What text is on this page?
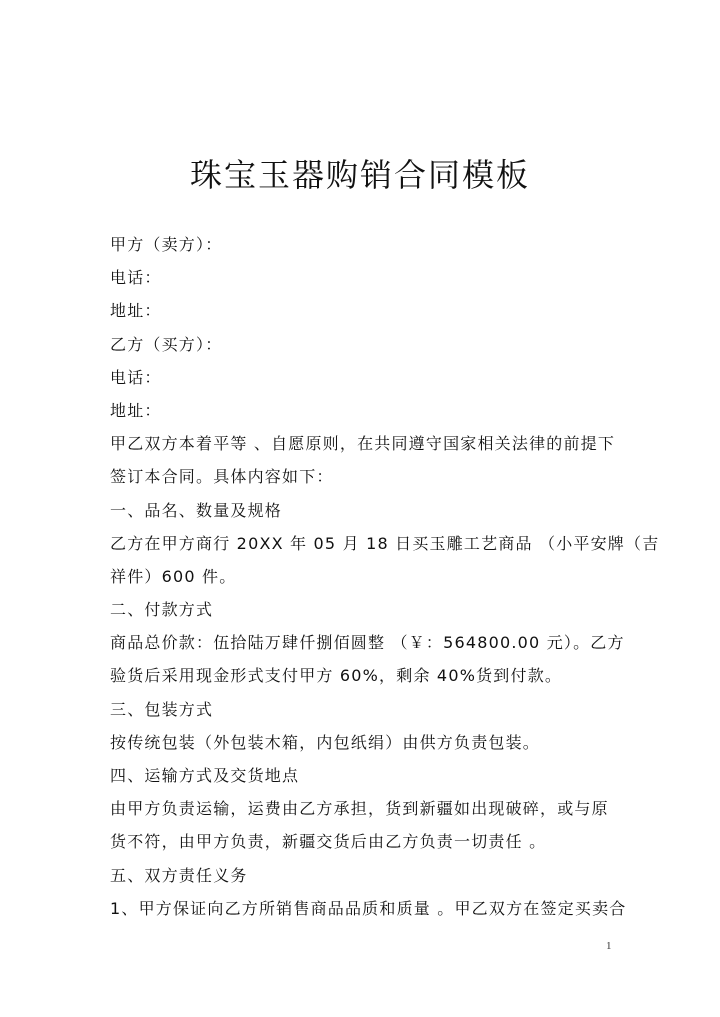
珠宝玉器购销合同模板
甲方（卖方）：
电话：
地址：
乙方（买方）：
电话：
地址：
甲乙双方本着平等 、自愿原则，在共同遵守国家相关法律的前提下
签订本合同。具体内容如下：
一、品名、数量及规格
乙方在甲方商行 20XX 年 05 月 18 日买玉雕工艺商品 （小平安牌（吉
祥件）600 件。
二、付款方式
商品总价款：伍拾陆万肆仟捌佰圆整 （￥：564800.00 元）。乙方
验货后采用现金形式支付甲方 60%，剩余 40%货到付款。
三、包装方式
按传统包装（外包装木箱，内包纸绢）由供方负责包装。
四、运输方式及交货地点
由甲方负责运输，运费由乙方承担，货到新疆如出现破碎，或与原
货不符，由甲方负责，新疆交货后由乙方负责一切责任 。
五、双方责任义务
1、甲方保证向乙方所销售商品品质和质量 。甲乙双方在签定买卖合
1
